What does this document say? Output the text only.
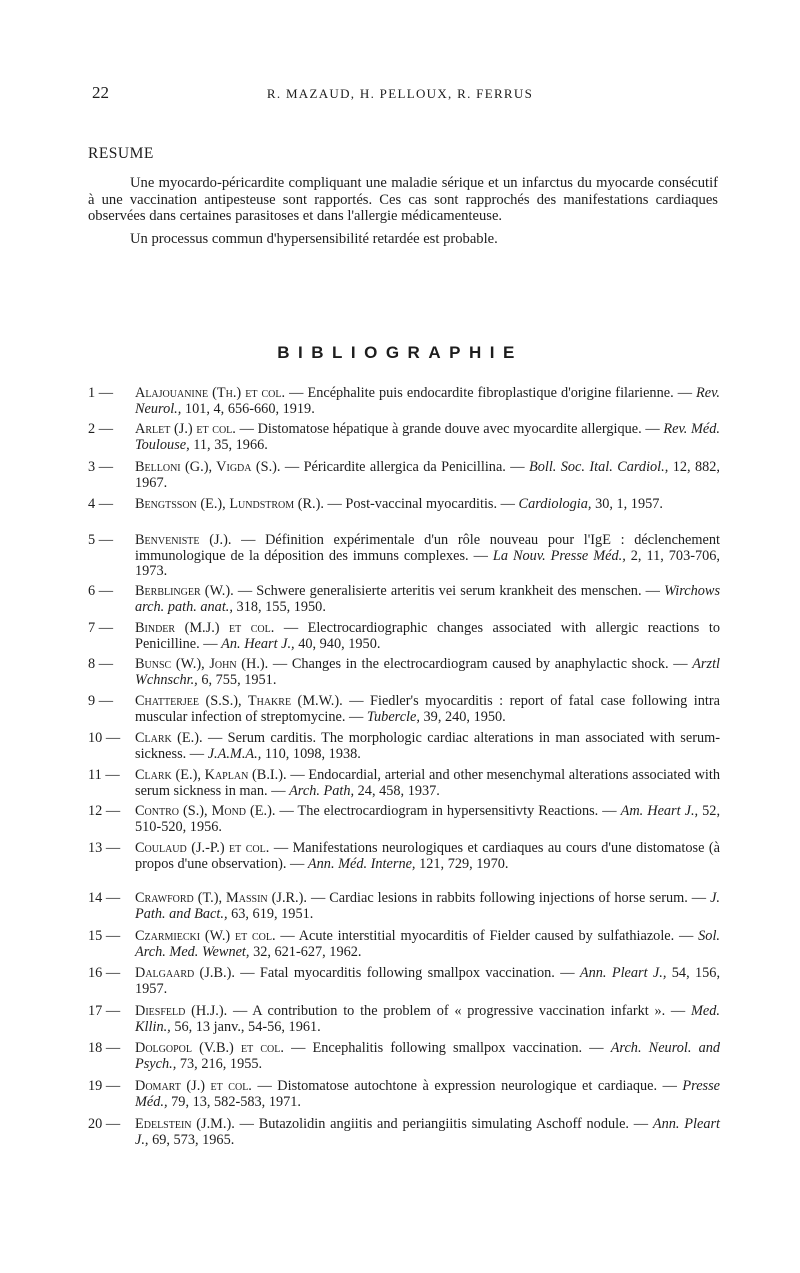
22	R. MAZAUD, H. PELLOUX, R. FERRUS
RESUME

Une myocardo-péricardite compliquant une maladie sérique et un infarctus du myocarde consécutif à une vaccination antipesteuse sont rapportés. Ces cas sont rapprochés des manifestations cardiaques observées dans certaines parasitoses et dans l'allergie médicamenteuse.

Un processus commun d'hypersensibilité retardée est probable.

BIBLIOGRAPHIE
1 —	Alajouanine (Th.) et col. — Encéphalite puis endocardite fibroplastique d'origine filarienne. — Rev. Neurol., 101, 4, 656-660, 1919.
2 —	Arlet (J.) et col. — Distomatose hépatique à grande douve avec myocardite allergique. — Rev. Méd. Toulouse, 11, 35, 1966.
3 —	Belloni (G.), Vigda (S.). — Péricardite allergica da Penicillina. — Boll. Soc. Ital. Cardiol., 12, 882, 1967.
4 —	Bengtsson (E.), Lundstrom (R.). — Post-vaccinal myocarditis. — Cardiologia, 30, 1, 1957.
5 —	Benveniste (J.). — Définition expérimentale d'un rôle nouveau pour l'IgE : déclenchement immunologique de la déposition des immuns complexes. — La Nouv. Presse Méd., 2, 11, 703-706, 1973.
6 —	Berblinger (W.). — Schwere generalisierte arteritis vei serum krankheit des menschen. — Wirchows arch. path. anat., 318, 155, 1950.
7 —	Binder (M.J.) et col. — Electrocardiographic changes associated with allergic reactions to Penicilline. — An. Heart J., 40, 940, 1950.
8 —	Bunsc (W.), John (H.). — Changes in the electrocardiogram caused by anaphylactic shock. — Arztl Wchnschr., 6, 755, 1951.
9 —	Chatterjee (S.S.), Thakre (M.W.). — Fiedler's myocarditis : report of fatal case following intra muscular infection of streptomycine. — Tubercle, 39, 240, 1950.
10 —	Clark (E.). — Serum carditis. The morphologic cardiac alterations in man associated with serum-sickness. — J.A.M.A., 110, 1098, 1938.
11 —	Clark (E.), Kaplan (B.I.). — Endocardial, arterial and other mesenchymal alterations associated with serum sickness in man. — Arch. Path, 24, 458, 1937.
12 —	Contro (S.), Mond (E.). — The electrocardiogram in hypersensitivty Reactions. — Am. Heart J., 52, 510-520, 1956.
13 —	Coulaud (J.-P.) et col. — Manifestations neurologiques et cardiaques au cours d'une distomatose (à propos d'une observation). — Ann. Méd. Interne, 121, 729, 1970.
14 —	Crawford (T.), Massin (J.R.). — Cardiac lesions in rabbits following injections of horse serum. — J. Path. and Bact., 63, 619, 1951.
15 —	Czarmiecki (W.) et col. — Acute interstitial myocarditis of Fielder caused by sulfathiazole. — Sol. Arch. Med. Wewnet, 32, 621-627, 1962.
16 —	Dalgaard (J.B.). — Fatal myocarditis following smallpox vaccination. — Ann. Pleart J., 54, 156, 1957.
17 —	Diesfeld (H.J.). — A contribution to the problem of « progressive vaccination infarkt ». — Med. Kllin., 56, 13 janv., 54-56, 1961.
18 —	Dolgopol (V.B.) et col. — Encephalitis following smallpox vaccination. — Arch. Neurol. and Psych., 73, 216, 1955.
19 —	Domart (J.) et col. — Distomatose autochtone à expression neurologique et cardiaque. — Presse Méd., 79, 13, 582-583, 1971.
20 —	Edelstein (J.M.). — Butazolidin angiitis and periangiitis simulating Aschoff nodule. — Ann. Pleart J., 69, 573, 1965.
